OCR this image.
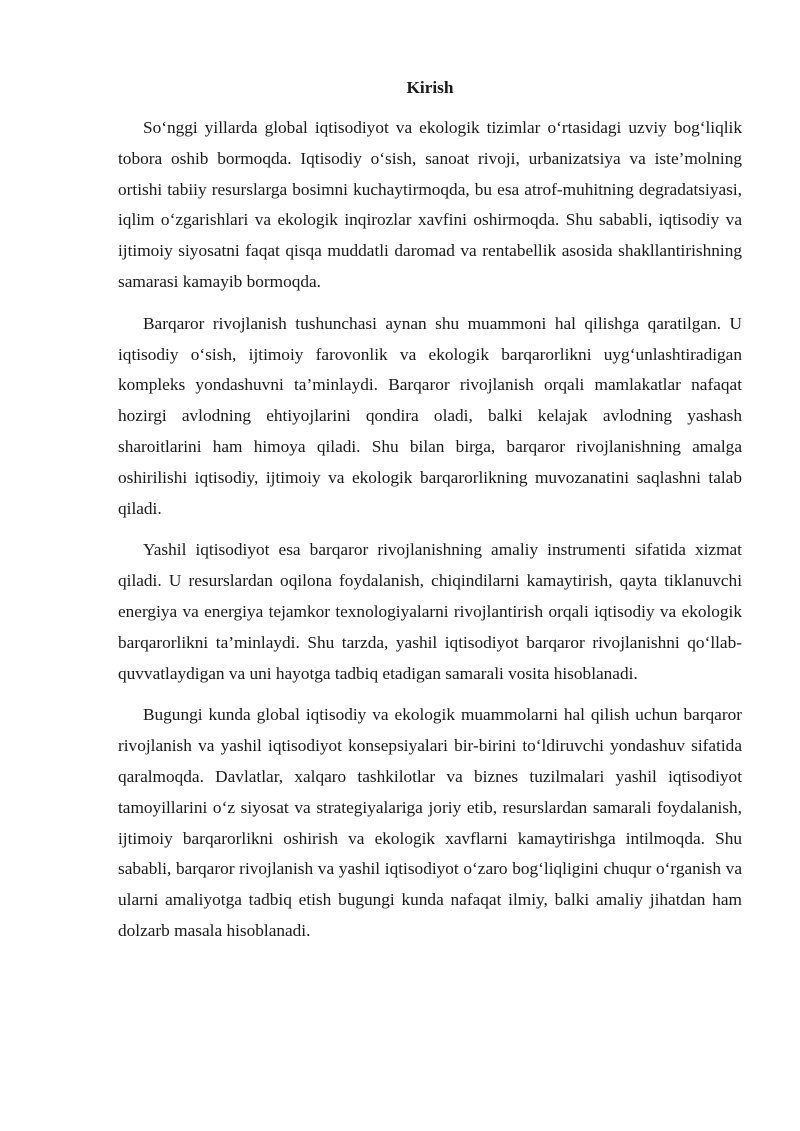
Kirish

So‘nggi yillarda global iqtisodiyot va ekologik tizimlar o‘rtasidagi uzviy bog‘liqlik tobora oshib bormoqda. Iqtisodiy o‘sish, sanoat rivoji, urbanizatsiya va iste’molning ortishi tabiiy resurslarga bosimni kuchaytirmoqda, bu esa atrof-muhitning degradatsiyasi, iqlim o‘zgarishlari va ekologik inqirozlar xavfini oshirmoqda. Shu sababli, iqtisodiy va ijtimoiy siyosatni faqat qisqa muddatli daromad va rentabellik asosida shakllantirishning samarasi kamayib bormoqda.

Barqaror rivojlanish tushunchasi aynan shu muammoni hal qilishga qaratilgan. U iqtisodiy o‘sish, ijtimoiy farovonlik va ekologik barqarorlikni uyg‘unlashtiradigan kompleks yondashuvni ta’minlaydi. Barqaror rivojlanish orqali mamlakatlar nafaqat hozirgi avlodning ehtiyojlarini qondira oladi, balki kelajak avlodning yashash sharoitlarini ham himoya qiladi. Shu bilan birga, barqaror rivojlanishning amalga oshirilishi iqtisodiy, ijtimoiy va ekologik barqarorlikning muvozanatini saqlashni talab qiladi.

Yashil iqtisodiyot esa barqaror rivojlanishning amaliy instrumenti sifatida xizmat qiladi. U resurslardan oqilona foydalanish, chiqindilarni kamaytirish, qayta tiklanuvchi energiya va energiya tejamkor texnologiyalarni rivojlantirish orqali iqtisodiy va ekologik barqarorlikni ta’minlaydi. Shu tarzda, yashil iqtisodiyot barqaror rivojlanishni qo‘llab-quvvatlaydigan va uni hayotga tadbiq etadigan samarali vosita hisoblanadi.

Bugungi kunda global iqtisodiy va ekologik muammolarni hal qilish uchun barqaror rivojlanish va yashil iqtisodiyot konsepsiyalari bir-birini to‘ldiruvchi yondashuv sifatida qaralmoqda. Davlatlar, xalqaro tashkilotlar va biznes tuzilmalari yashil iqtisodiyot tamoyillarini o‘z siyosat va strategiyalariga joriy etib, resurslardan samarali foydalanish, ijtimoiy barqarorlikni oshirish va ekologik xavflarni kamaytirishga intilmoqda. Shu sababli, barqaror rivojlanish va yashil iqtisodiyot o‘zaro bog‘liqligini chuqur o‘rganish va ularni amaliyotga tadbiq etish bugungi kunda nafaqat ilmiy, balki amaliy jihatdan ham dolzarb masala hisoblanadi.
